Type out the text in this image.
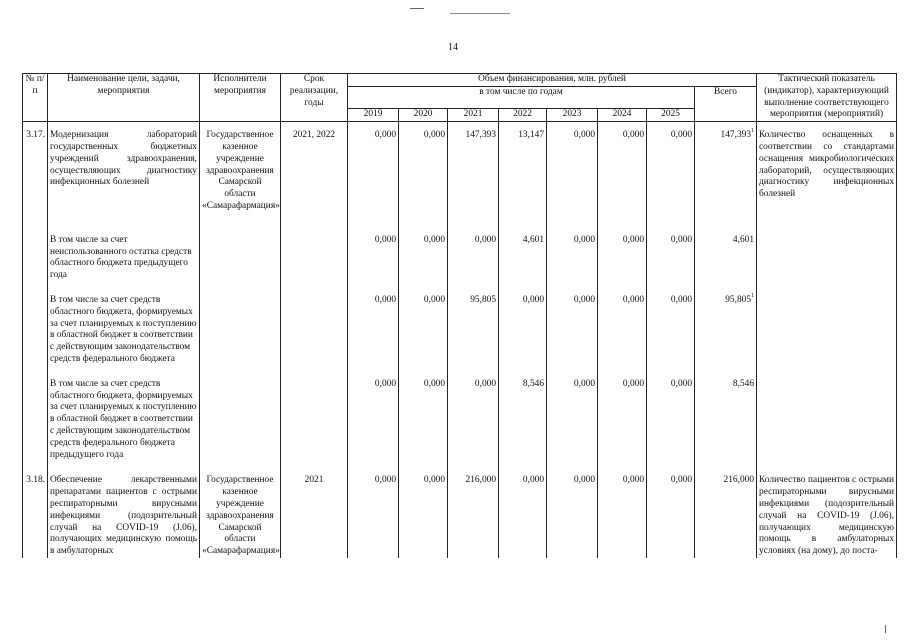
14
№ п/п	Наименование цели, задачи, мероприятия	Исполнители мероприятия	Срок реализации, годы	Объем финансирования, млн. рублей								Тактический показатель (индикатор), характеризующий выполнение соответствующего мероприятия (мероприятий)
				в том числе по годам							Всего	
				2019	2020	2021	2022	2023	2024	2025		

3.17.	Модернизация лабораторий государственных бюджетных учреждений здравоохранения, осуществляющих диагностику инфекционных болезней	Государственное казенное учреждение здравоохранения Самарской области «Самарафармация»	2021, 2022	0,000	0,000	147,393	13,147	0,000	0,000	0,000	147,393$^1$	Количество оснащенных в соответствии со стандартами оснащения микробиологических лабораторий, осуществляющих диагностику инфекционных болезней

	В том числе за счет неиспользованного остатка средств областного бюджета предыдущего года			0,000	0,000	0,000	4,601	0,000	0,000	0,000	4,601	

	В том числе за счет средств областного бюджета, формируемых за счет планируемых к поступлению в областной бюджет в соответствии с действующим законодательством средств федерального бюджета			0,000	0,000	95,805	0,000	0,000	0,000	0,000	95,805$^1$	

	В том числе за счет средств областного бюджета, формируемых за счет планируемых к поступлению в областной бюджет в соответствии с действующим законодательством средств федерального бюджета предыдущего года			0,000	0,000	0,000	8,546	0,000	0,000	0,000	8,546	

3.18.	Обеспечение лекарственными препаратами пациентов с острыми респираторными вирусными инфекциями (подозрительный случай на COVID-19 (J.06), получающих медицинскую помощь в амбулаторных	Государственное казенное учреждение здравоохранения Самарской области «Самарафармация»	2021	0,000	0,000	216,000	0,000	0,000	0,000	0,000	216,000	Количество пациентов с острыми респираторными вирусными инфекциями (подозрительный случай на COVID-19 (J.06), получающих медицинскую помощь в амбулаторных условиях (на дому), до поста-
